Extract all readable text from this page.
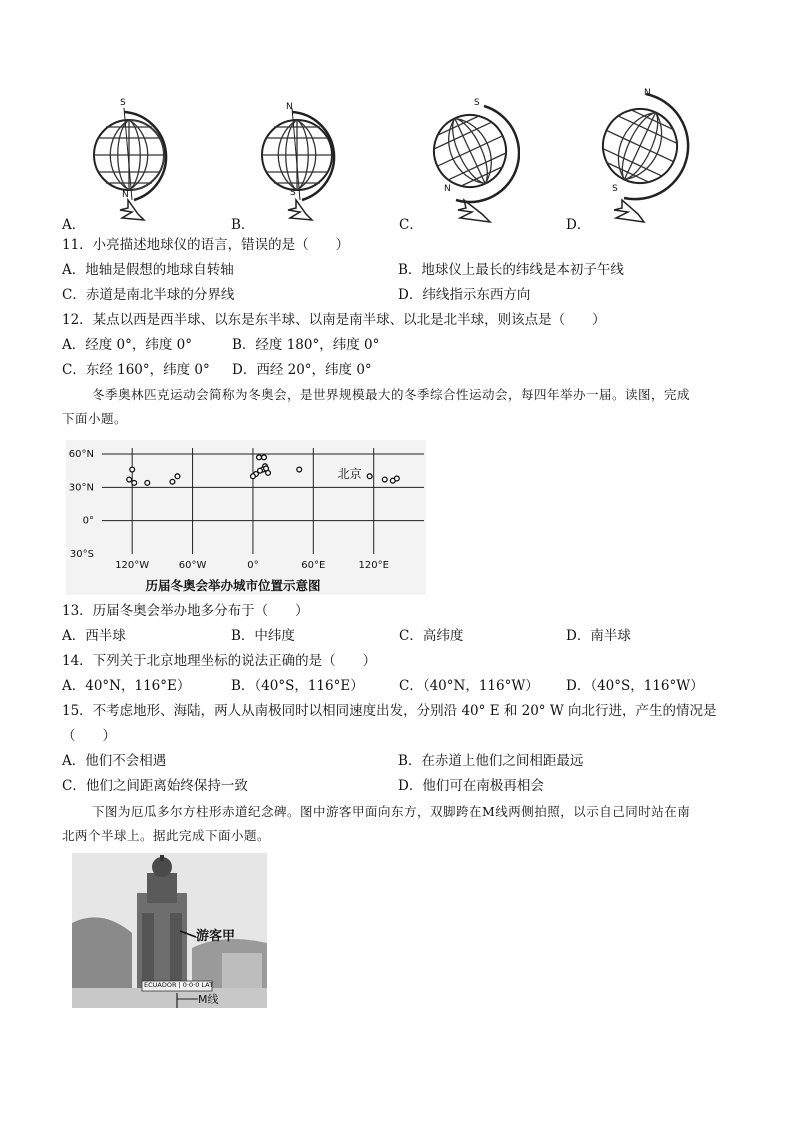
S
N
A．
N
S
B．
S
N
C．
N
S
D．
11．小亮描述地球仪的语言，错误的是（　　）
A．地轴是假想的地球自转轴	B．地球仪上最长的纬线是本初子午线
C．赤道是南北半球的分界线	D．纬线指示东西方向
12．某点以西是西半球、以东是东半球、以南是南半球、以北是北半球，则该点是（　　）
A．经度 0°，纬度 0°	B．经度 180°，纬度 0°
C．东经 160°，纬度 0° D．西经 20°，纬度 0°
冬季奥林匹克运动会简称为冬奥会，是世界规模最大的冬季综合性运动会，每四年举办一届。读图，完成
下面小题。
60°N
30°N
0°
30°S
120°W	60°W	0°	60°E	120°E
北京
历届冬奥会举办城市位置示意图
13．历届冬奥会举办地多分布于（　　）
A．西半球	B．中纬度	C．高纬度	D．南半球
14．下列关于北京地理坐标的说法正确的是（　　）
A．40°N，116°E）	B．（40°S，116°E）	C．（40°N，116°W） D．（40°S，116°W）
15．不考虑地形、海陆，两人从南极同时以相同速度出发，分别沿 40° E 和 20° W 向北行进，产生的情况是
（　　）
A．他们不会相遇	B．在赤道上他们之间相距最远
C．他们之间距离始终保持一致	D．他们可在南极再相会
下图为厄瓜多尔方柱形赤道纪念碑。图中游客甲面向东方，双脚跨在M线两侧拍照，以示自己同时站在南
北两个半球上。据此完成下面小题。
游客甲
ECUADOR | 0·0·0 LAT
M线
